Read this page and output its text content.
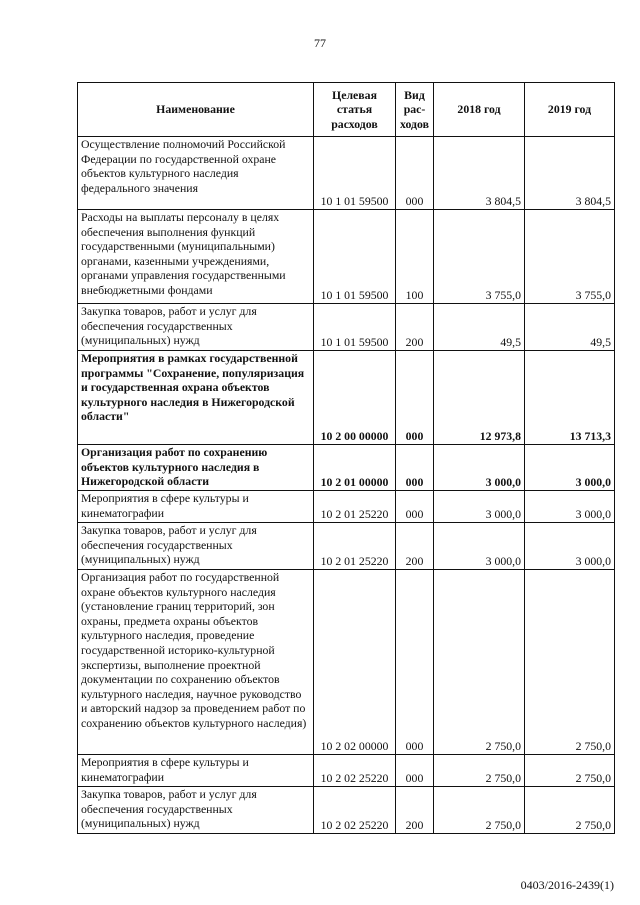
77
Наименование	Целевая статья расходов	Вид рас-ходов	2018 год	2019 год
Осуществление полномочий Российской Федерации по государственной охране объектов культурного наследия федерального значения	10 1 01 59500	000	3 804,5	3 804,5
Расходы на выплаты персоналу в целях обеспечения выполнения функций государственными (муниципальными) органами, казенными учреждениями, органами управления государственными внебюджетными фондами	10 1 01 59500	100	3 755,0	3 755,0
Закупка товаров, работ и услуг для обеспечения государственных (муниципальных) нужд	10 1 01 59500	200	49,5	49,5
Мероприятия в рамках государственной программы "Сохранение, популяризация и государственная охрана объектов культурного наследия в Нижегородской области"	10 2 00 00000	000	12 973,8	13 713,3
Организация работ по сохранению объектов культурного наследия в Нижегородской области	10 2 01 00000	000	3 000,0	3 000,0
Мероприятия в сфере культуры и кинематографии	10 2 01 25220	000	3 000,0	3 000,0
Закупка товаров, работ и услуг для обеспечения государственных (муниципальных) нужд	10 2 01 25220	200	3 000,0	3 000,0
Организация работ по государственной охране объектов культурного наследия (установление границ территорий, зон охраны, предмета охраны объектов культурного наследия, проведение государственной историко-культурной экспертизы, выполнение проектной документации по сохранению объектов культурного наследия, научное руководство и авторский надзор за проведением работ по сохранению объектов культурного наследия)	10 2 02 00000	000	2 750,0	2 750,0
Мероприятия в сфере культуры и кинематографии	10 2 02 25220	000	2 750,0	2 750,0
Закупка товаров, работ и услуг для обеспечения государственных (муниципальных) нужд	10 2 02 25220	200	2 750,0	2 750,0
0403/2016-2439(1)
